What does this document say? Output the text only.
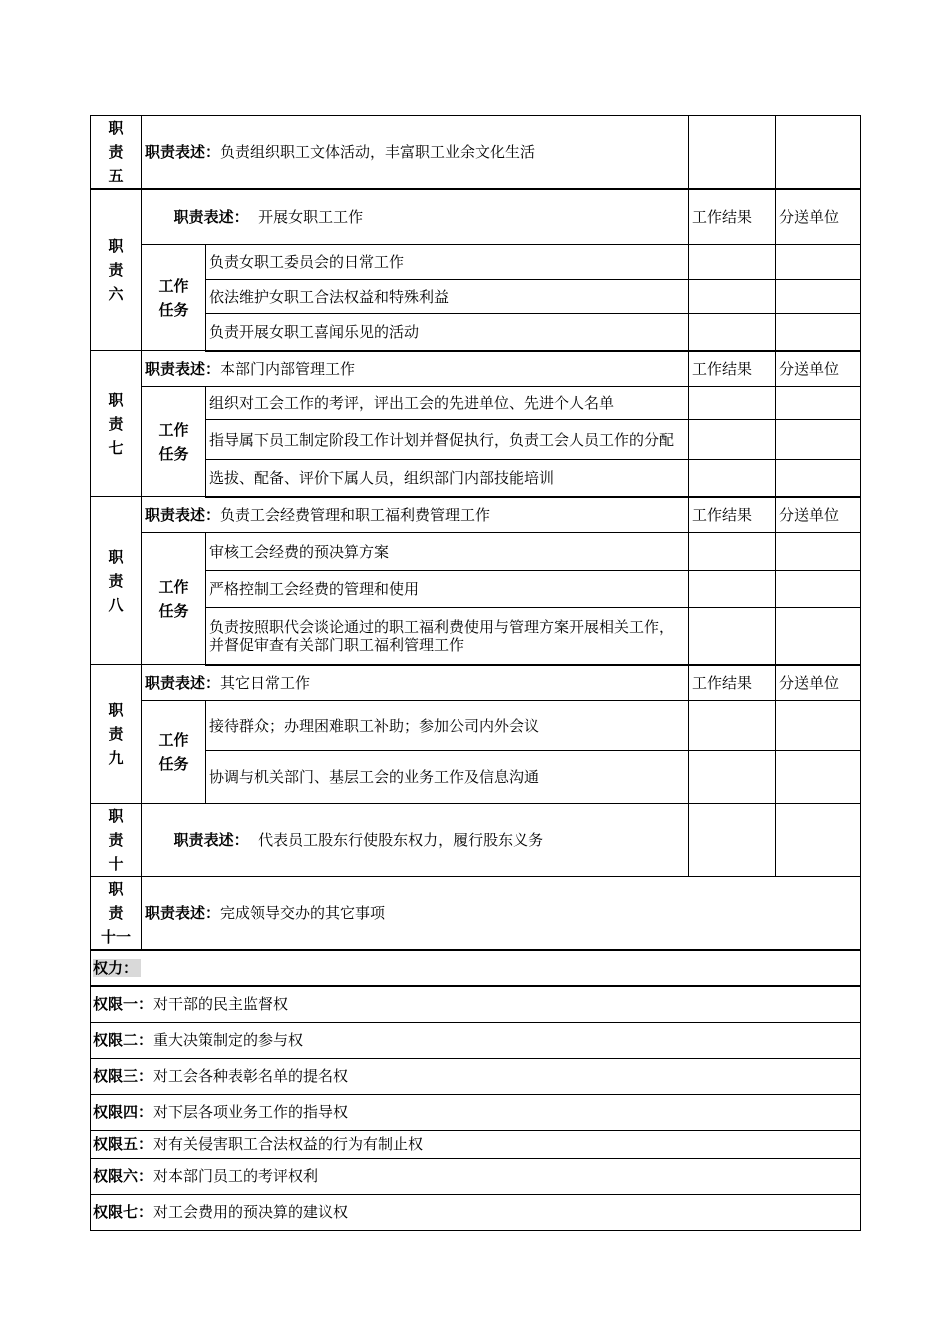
职
责
五	职责表述：负责组织职工文体活动，丰富职工业余文化生活			
职
责
六	职责表述：  开展女职工工作		工作结果	分送单位
	工作
任务	负责女职工委员会的日常工作		
		依法维护女职工合法权益和特殊利益		
		负责开展女职工喜闻乐见的活动		
职
责
七	职责表述：本部门内部管理工作		工作结果	分送单位
	工作
任务	组织对工会工作的考评，评出工会的先进单位、先进个人名单		
		指导属下员工制定阶段工作计划并督促执行，负责工会人员工作的分配		
		选拔、配备、评价下属人员，组织部门内部技能培训		
职
责
八	职责表述：负责工会经费管理和职工福利费管理工作		工作结果	分送单位
	工作
任务	审核工会经费的预决算方案		
		严格控制工会经费的管理和使用		
		负责按照职代会谈论通过的职工福利费使用与管理方案开展相关工作，并督促审查有关部门职工福利管理工作		
职
责
九	职责表述：其它日常工作		工作结果	分送单位
	工作
任务	接待群众；办理困难职工补助；参加公司内外会议		
		协调与机关部门、基层工会的业务工作及信息沟通		
职
责
十	职责表述：  代表员工股东行使股东权力，履行股东义务	

职
责
十一	职责表述：完成领导交办的其它事项			
权力：				
权限一：对干部的民主监督权				
权限二：重大决策制定的参与权				
权限三：对工会各种表彰名单的提名权				
权限四：对下层各项业务工作的指导权				
权限五：对有关侵害职工合法权益的行为有制止权				
权限六：对本部门员工的考评权利				
权限七：对工会费用的预决算的建议权				
